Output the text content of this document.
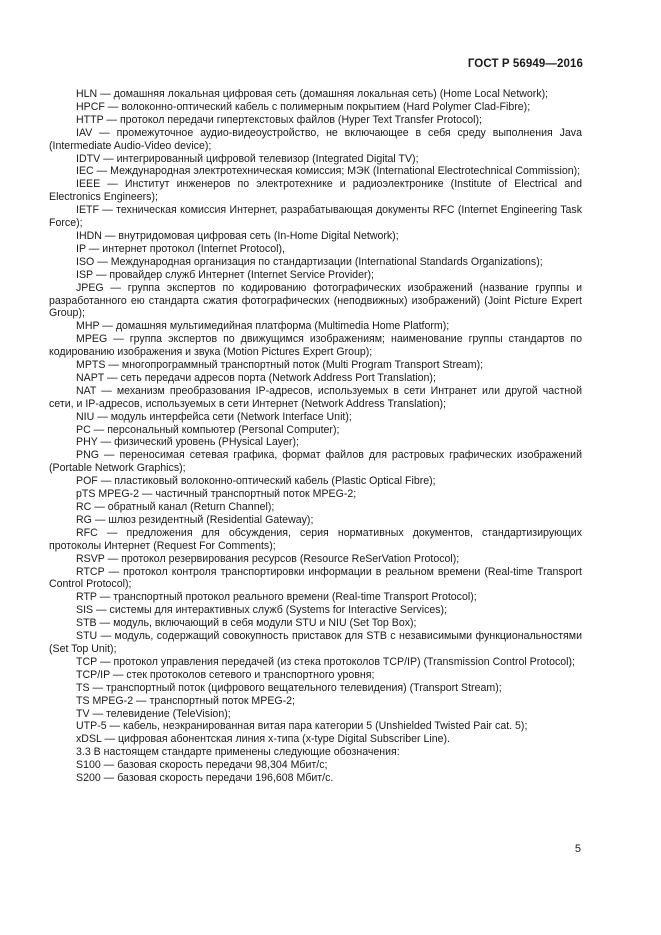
ГОСТ Р 56949—2016

HLN — домашняя локальная цифровая сеть (домашняя локальная сеть) (Home Local Network);

HPCF — волоконно-оптический кабель с полимерным покрытием (Hard Polymer Clad-Fibre);

HTTP — протокол передачи гипертекстовых файлов (Hyper Text Transfer Protocol);

IAV — промежуточное аудио-видеоустройство, не включающее в себя среду выполнения Java (Intermediate Audio-Video device);

IDTV — интегрированный цифровой телевизор (Integrated Digital TV);

IEC — Международная электротехническая комиссия; МЭК (International Electrotechnical Commission);

IEEE — Институт инженеров по электротехнике и радиоэлектронике (Institute of Electrical and Electronics Engineers);

IETF — техническая комиссия Интернет, разрабатывающая документы RFC (Internet Engineering Task Force);

IHDN — внутридомовая цифровая сеть (In-Home Digital Network);

IP — интернет протокол (Internet Protocol),

ISO — Международная организация по стандартизации (International Standards Organizations);

ISP — провайдер служб Интернет (Internet Service Provider);

JPEG — группа экспертов по кодированию фотографических изображений (название группы и разработанного ею стандарта сжатия фотографических (неподвижных) изображений) (Joint Picture Expert Group);

MHP — домашняя мультимедийная платформа (Multimedia Home Platform);

MPEG — группа экспертов по движущимся изображениям; наименование группы стандартов по кодированию изображения и звука (Motion Pictures Expert Group);

MPTS — многопрограммный транспортный поток (Multi Program Transport Stream);

NAPT — сеть передачи адресов порта (Network Address Port Translation);

NAT — механизм преобразования IP-адресов, используемых в сети Интранет или другой частной сети, и IP-адресов, используемых в сети Интернет (Network Address Translation);

NIU — модуль интерфейса сети (Network Interface Unit);

PC — персональный компьютер (Personal Computer);

PHY — физический уровень (PHysical Layer);

PNG — переносимая сетевая графика, формат файлов для растровых графических изображений (Portable Network Graphics);

POF — пластиковый волоконно-оптический кабель (Plastic Optical Fibre);

pTS MPEG-2 — частичный транспортный поток MPEG-2;

RC — обратный канал (Return Channel);

RG — шлюз резидентный (Residential Gateway);

RFC — предложения для обсуждения, серия нормативных документов, стандартизирующих протоколы Интернет (Request For Comments);

RSVP — протокол резервирования ресурсов (Resource ReSerVation Protocol);

RTCP — протокол контроля транспортировки информации в реальном времени (Real-time Transport Control Protocol);

RTP — транспортный протокол реального времени (Real-time Transport Protocol);

SIS — системы для интерактивных служб (Systems for Interactive Services);

STB — модуль, включающий в себя модули STU и NIU (Set Top Box);

STU — модуль, содержащий совокупность приставок для STB с независимыми функциональностями (Set Top Unit);

TCP — протокол управления передачей (из стека протоколов TCP/IP) (Transmission Control Protocol);

TCP/IP — стек протоколов сетевого и транспортного уровня;

TS — транспортный поток (цифрового вещательного телевидения) (Transport Stream);

TS MPEG-2 — транспортный поток MPEG-2;

TV — телевидение (TeleVision);

UTP-5 — кабель, неэкранированная витая пара категории 5 (Unshielded Twisted Pair cat. 5);

xDSL — цифровая абонентская линия x-типа (x-type Digital Subscriber Line).

3.3 В настоящем стандарте применены следующие обозначения:

S100 — базовая скорость передачи 98,304 Мбит/с;

S200 — базовая скорость передачи 196,608 Мбит/с.

5
